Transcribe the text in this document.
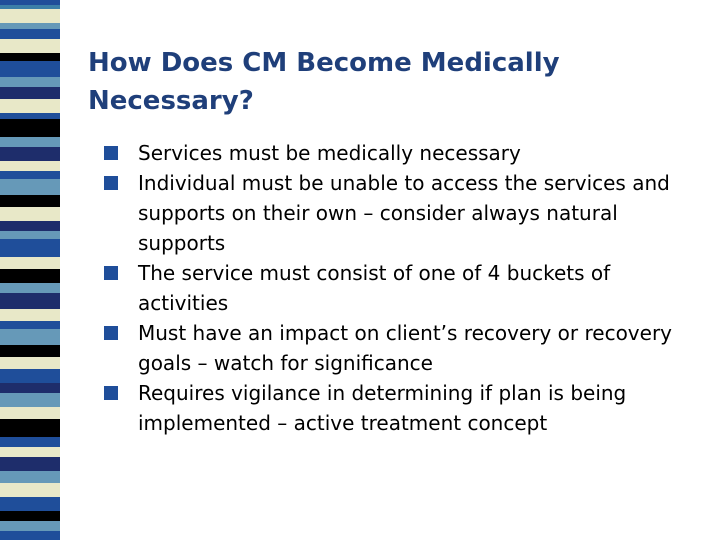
How Does CM Become Medically Necessary?
Services must be medically necessary
Individual must be unable to access the services and supports on their own – consider always natural supports
The service must consist of one of 4 buckets of activities
Must have an impact on client’s recovery or recovery goals – watch for significance
Requires vigilance in determining if plan is being implemented – active treatment concept
